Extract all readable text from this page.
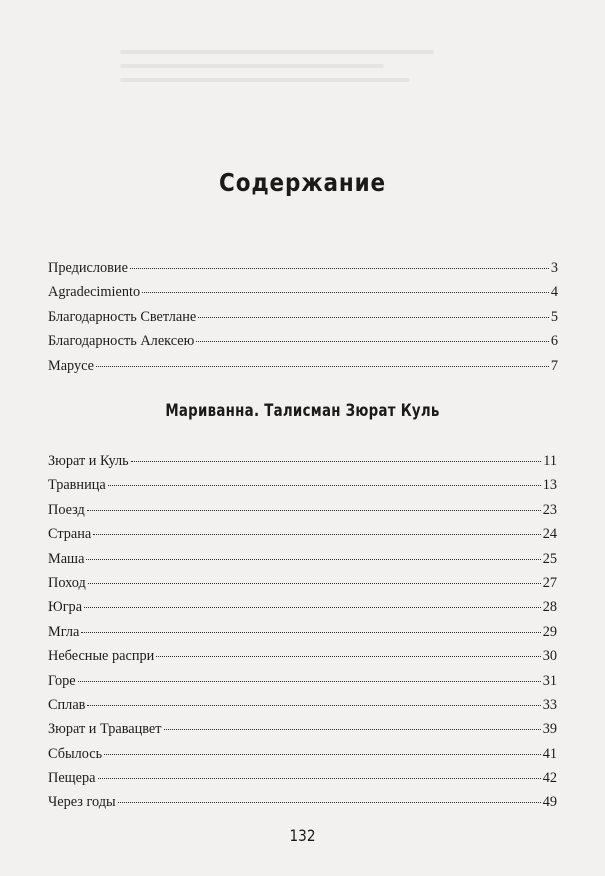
Содержание
Предисловие	3
Agradecimiento	4
Благодарность Светлане	5
Благодарность Алексею	6
Марусе	7
Мариванна. Талисман Зюрат Куль
Зюрат и Куль	11
Травница	13
Поезд	23
Страна	24
Маша	25
Поход	27
Югра	28
Мгла	29
Небесные распри	30
Горе	31
Сплав	33
Зюрат и Травацвет	39
Сбылось	41
Пещера	42
Через годы	49
132
